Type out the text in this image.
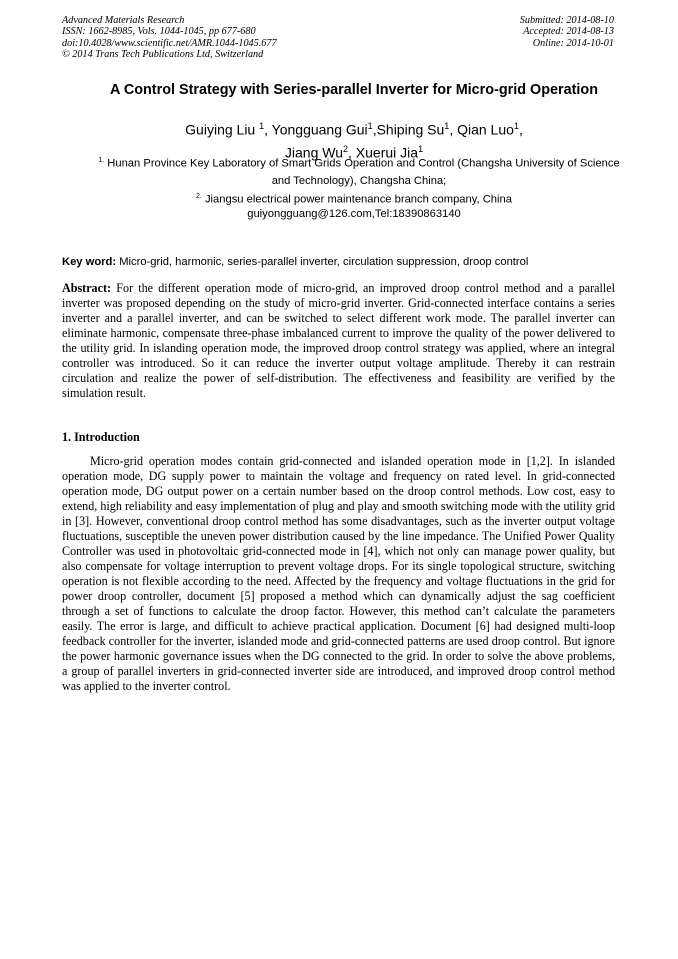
Advanced Materials Research
ISSN: 1662-8985, Vols. 1044-1045, pp 677-680
doi:10.4028/www.scientific.net/AMR.1044-1045.677
© 2014 Trans Tech Publications Ltd, Switzerland
Submitted: 2014-08-10
Accepted: 2014-08-13
Online: 2014-10-01
A Control Strategy with Series-parallel Inverter for Micro-grid Operation
Guiying Liu $^1$, Yongguang Gui$^1$,Shiping Su$^1$, Qian Luo$^1$,
Jiang Wu$^2$, Xuerui Jia$^1$
$^{1.}$ Hunan Province Key Laboratory of Smart Grids Operation and Control (Changsha University of Science and Technology), Changsha China;
$^{2.}$ Jiangsu electrical power maintenance branch company, China
guiyongguang@126.com,Tel:18390863140
Key word: Micro-grid, harmonic, series-parallel inverter, circulation suppression, droop control
Abstract: For the different operation mode of micro-grid, an improved droop control method and a parallel inverter was proposed depending on the study of micro-grid inverter. Grid-connected interface contains a series inverter and a parallel inverter, and can be switched to select different work mode. The parallel inverter can eliminate harmonic, compensate three-phase imbalanced current to improve the quality of the power delivered to the utility grid. In islanding operation mode, the improved droop control strategy was applied, where an integral controller was introduced. So it can reduce the inverter output voltage amplitude. Thereby it can restrain circulation and realize the power of self-distribution. The effectiveness and feasibility are verified by the simulation result.
1. Introduction
Micro-grid operation modes contain grid-connected and islanded operation mode in [1,2]. In islanded operation mode, DG supply power to maintain the voltage and frequency on rated level. In grid-connected operation mode, DG output power on a certain number based on the droop control methods. Low cost, easy to extend, high reliability and easy implementation of plug and play and smooth switching mode with the utility grid in [3]. However, conventional droop control method has some disadvantages, such as the inverter output voltage fluctuations, susceptible the uneven power distribution caused by the line impedance. The Unified Power Quality Controller was used in photovoltaic grid-connected mode in [4], which not only can manage power quality, but also compensate for voltage interruption to prevent voltage drops. For its single topological structure, switching operation is not flexible according to the need. Affected by the frequency and voltage fluctuations in the grid for power droop controller, document [5] proposed a method which can dynamically adjust the sag coefficient through a set of functions to calculate the droop factor. However, this method can’t calculate the parameters easily. The error is large, and difficult to achieve practical application. Document [6] had designed multi-loop feedback controller for the inverter, islanded mode and grid-connected patterns are used droop control. But ignore the power harmonic governance issues when the DG connected to the grid. In order to solve the above problems, a group of parallel inverters in grid-connected inverter side are introduced, and improved droop control method was applied to the inverter control.
